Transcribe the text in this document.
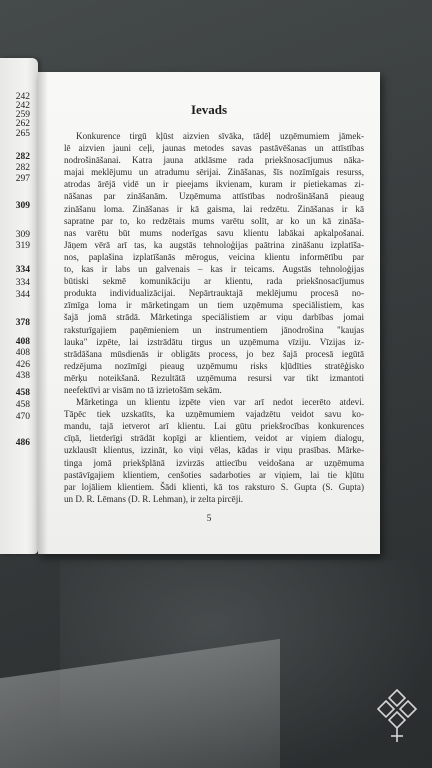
242
242
259
262
265
282
282
297
309
309
319
334
334
344
378
408
408
426
438
458
458
470
486
Ievads
Konkurence tirgū kļūst aizvien sīvāka, tādēļ uzņēmumiem jāmek-
lē aizvien jauni ceļi, jaunas metodes savas pastāvēšanas un attīstības
nodrošināšanai. Katra jauna atklāsme rada priekšnosacījumus nāka-
majai meklējumu un atradumu sērijai. Zināšanas, šīs nozīmīgais resurss,
atrodas ārējā vidē un ir pieejams ikvienam, kuram ir pietiekamas zi-
nāšanas par zināšanām. Uzņēmuma attīstības nodrošināšanā pieaug
zināšanu loma. Zināšanas ir kā gaisma, lai redzētu. Zināšanas ir kā
sapratne par to, ko redzētais mums varētu solīt, ar ko un kā zināša-
nas varētu būt mums noderīgas savu klientu labākai apkalpošanai.
Jāņem vērā arī tas, ka augstās tehnoloģijas paātrina zināšanu izplatīša-
nos, paplašina izplatīšanās mērogus, veicina klientu informētību par
to, kas ir labs un galvenais – kas ir teicams. Augstās tehnoloģijas
būtiski sekmē komunikāciju ar klientu, rada priekšnosacījumus
produkta individualizācijai. Nepārtrauktajā meklējumu procesā no-
zīmīga loma ir mārketingam un tiem uzņēmuma speciālistiem, kas
šajā jomā strādā. Mārketinga speciālistiem ar viņu darbības jomai
raksturīgajiem paņēmieniem un instrumentiem jānodrošina "kaujas
lauka" izpēte, lai izstrādātu tirgus un uzņēmuma vīziju. Vīzijas iz-
strādāšana mūsdienās ir obligāts process, jo bez šajā procesā iegūtā
redzējuma nozīmīgi pieaug uzņēmumu risks kļūdīties stratēģisko
mērķu noteikšanā. Rezultātā uzņēmuma resursi var tikt izmantoti
neefektīvi ar visām no tā izrietošām sekām.
Mārketinga un klientu izpēte vien var arī nedot iecerēto atdevi.
Tāpēc tiek uzskatīts, ka uzņēmumiem vajadzētu veidot savu ko-
mandu, tajā ietverot arī klientu. Lai gūtu priekšrocības konkurences
cīņā, lietderīgi strādāt kopīgi ar klientiem, veidot ar viņiem dialogu,
uzklausīt klientus, izzināt, ko viņi vēlas, kādas ir viņu prasības. Mārke-
tinga jomā priekšplānā izvirzās attiecību veidošana ar uzņēmuma
pastāvīgajiem klientiem, cenšoties sadarboties ar viņiem, lai tie kļūtu
par lojāliem klientiem. Šādi klienti, kā tos raksturo S. Gupta (S. Gupta)
un D. R. Lēmans (D. R. Lehman), ir zelta pircēji.
5
